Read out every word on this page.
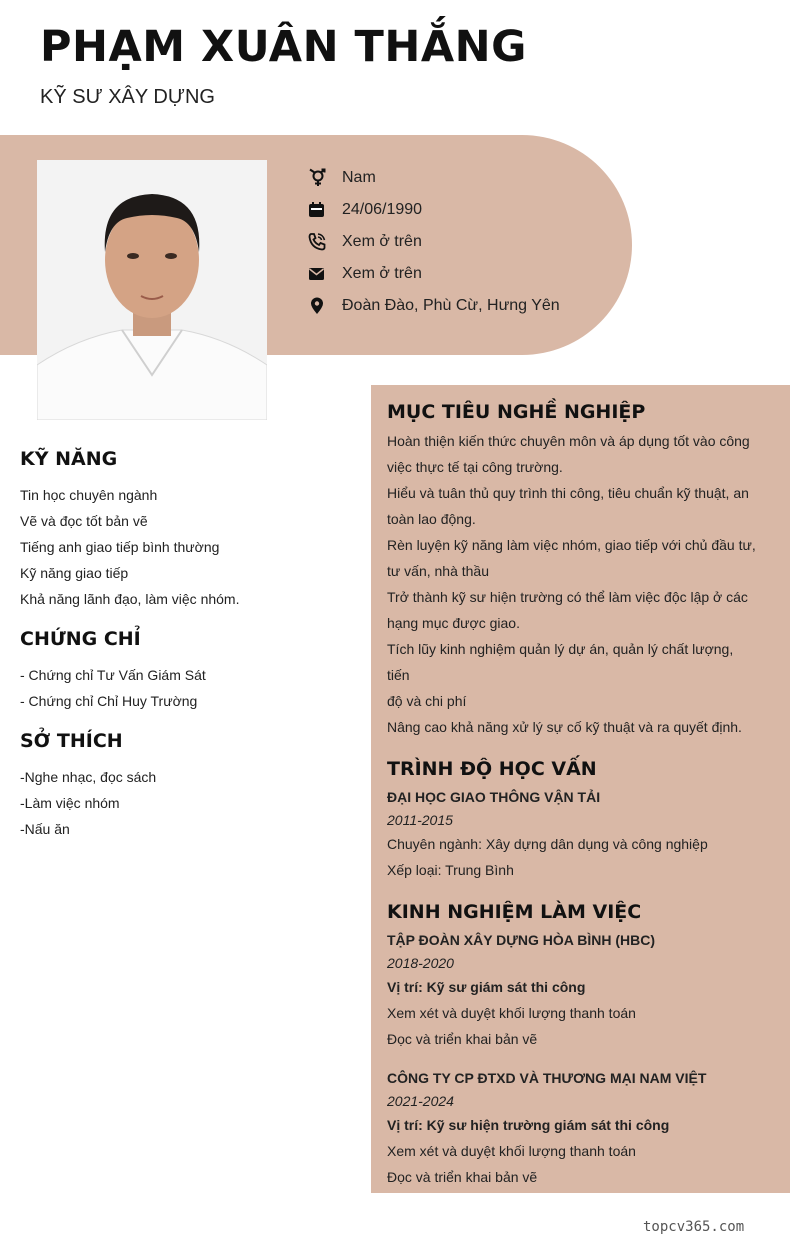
PHẠM XUÂN THẮNG
KỸ SƯ XÂY DỰNG
Nam
24/06/1990
Xem ở trên
Xem ở trên
Đoàn Đào, Phù Cừ, Hưng Yên
KỸ NĂNG
Tin học chuyên ngành
Vẽ và đọc tốt bản vẽ
Tiếng anh giao tiếp bình thường
Kỹ năng giao tiếp
Khả năng lãnh đạo, làm việc nhóm.
CHỨNG CHỈ
- Chứng chỉ Tư Vấn Giám Sát
- Chứng chỉ Chỉ Huy Trường
SỞ THÍCH
-Nghe nhạc, đọc sách
-Làm việc nhóm
-Nấu ăn
MỤC TIÊU NGHỀ NGHIỆP
Hoàn thiện kiến thức chuyên môn và áp dụng tốt vào công
việc thực tế tại công trường.
Hiểu và tuân thủ quy trình thi công, tiêu chuẩn kỹ thuật, an
toàn lao động.
Rèn luyện kỹ năng làm việc nhóm, giao tiếp với chủ đầu tư,
tư vấn, nhà thầu
Trở thành kỹ sư hiện trường có thể làm việc độc lập ở các
hạng mục được giao.
Tích lũy kinh nghiệm quản lý dự án, quản lý chất lượng, tiến
độ và chi phí
Nâng cao khả năng xử lý sự cố kỹ thuật và ra quyết định.
TRÌNH ĐỘ HỌC VẤN
ĐẠI HỌC GIAO THÔNG VẬN TẢI
2011-2015
Chuyên ngành: Xây dựng dân dụng và công nghiệp
Xếp loại: Trung Bình
KINH NGHIỆM LÀM VIỆC
TẬP ĐOÀN XÂY DỰNG HÒA BÌNH (HBC)
2018-2020
Vị trí: Kỹ sư giám sát thi công
Xem xét và duyệt khối lượng thanh toán
Đọc và triển khai bản vẽ
CÔNG TY CP ĐTXD VÀ THƯƠNG MẠI NAM VIỆT
2021-2024
Vị trí: Kỹ sư hiện trường giám sát thi công
Xem xét và duyệt khối lượng thanh toán
Đọc và triển khai bản vẽ
topcv365.com
